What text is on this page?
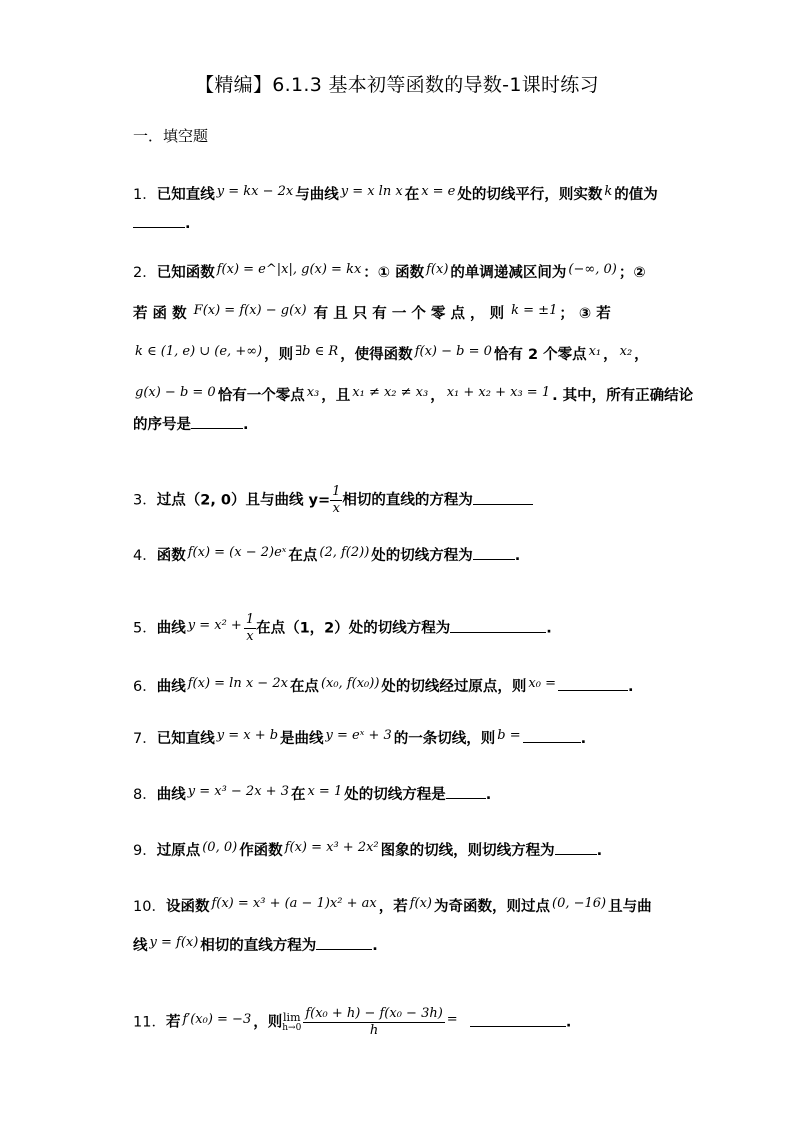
【精编】6.1.3 基本初等函数的导数-1课时练习
一．填空题
1．已知直线 y = kx − 2x 与曲线 y = x ln x 在 x = e 处的切线平行，则实数 k 的值为
.
2．已知函数 f(x) = e^|x|, g(x) = kx ：① 函数 f(x) 的单调递减区间为 (−∞, 0) ；②
若 函 数 F(x) = f(x) − g(x) 有 且 只 有 一 个 零 点 ， 则 k = ±1 ； ③ 若
k ∈ (1, e) ∪ (e, +∞) ，则 ∃b ∈ R ，使得函数 f(x) − b = 0 恰有 2 个零点 x₁ ， x₂ ，
g(x) − b = 0 恰有一个零点 x₃ ，且 x₁ ≠ x₂ ≠ x₃ ， x₁ + x₂ + x₃ = 1 . 其中，所有正确结论
的序号是	.
3．过点（2, 0）且与曲线 $y= \frac{1}{x}$ 相切的直线的方程为
4．函数 f(x) = (x − 2)eˣ 在点 (2, f(2)) 处的切线方程为	.
5．曲线 $y = x^2 + \frac{1}{x}$ 在点（1，2）处的切线方程为	.
6．曲线 f(x) = ln x − 2x 在点 (x₀, f(x₀)) 处的切线经过原点，则 x₀ =	.
7．已知直线 y = x + b 是曲线 y = eˣ + 3 的一条切线，则 b =	.
8．曲线 y = x³ − 2x + 3 在 x = 1 处的切线方程是	.
9．过原点 (0, 0) 作函数 f(x) = x³ + 2x² 图象的切线，则切线方程为	.
10．设函数 f(x) = x³ + (a − 1)x² + ax ，若 f(x) 为奇函数，则过点 (0, −16) 且与曲
线 y = f(x) 相切的直线方程为	.
11．若 f′(x₀) = −3 ，则 lim
$h\to 0 \frac{\text{f(x₀ + h) − f(x₀ − 3h)}}{h}$ =	.
